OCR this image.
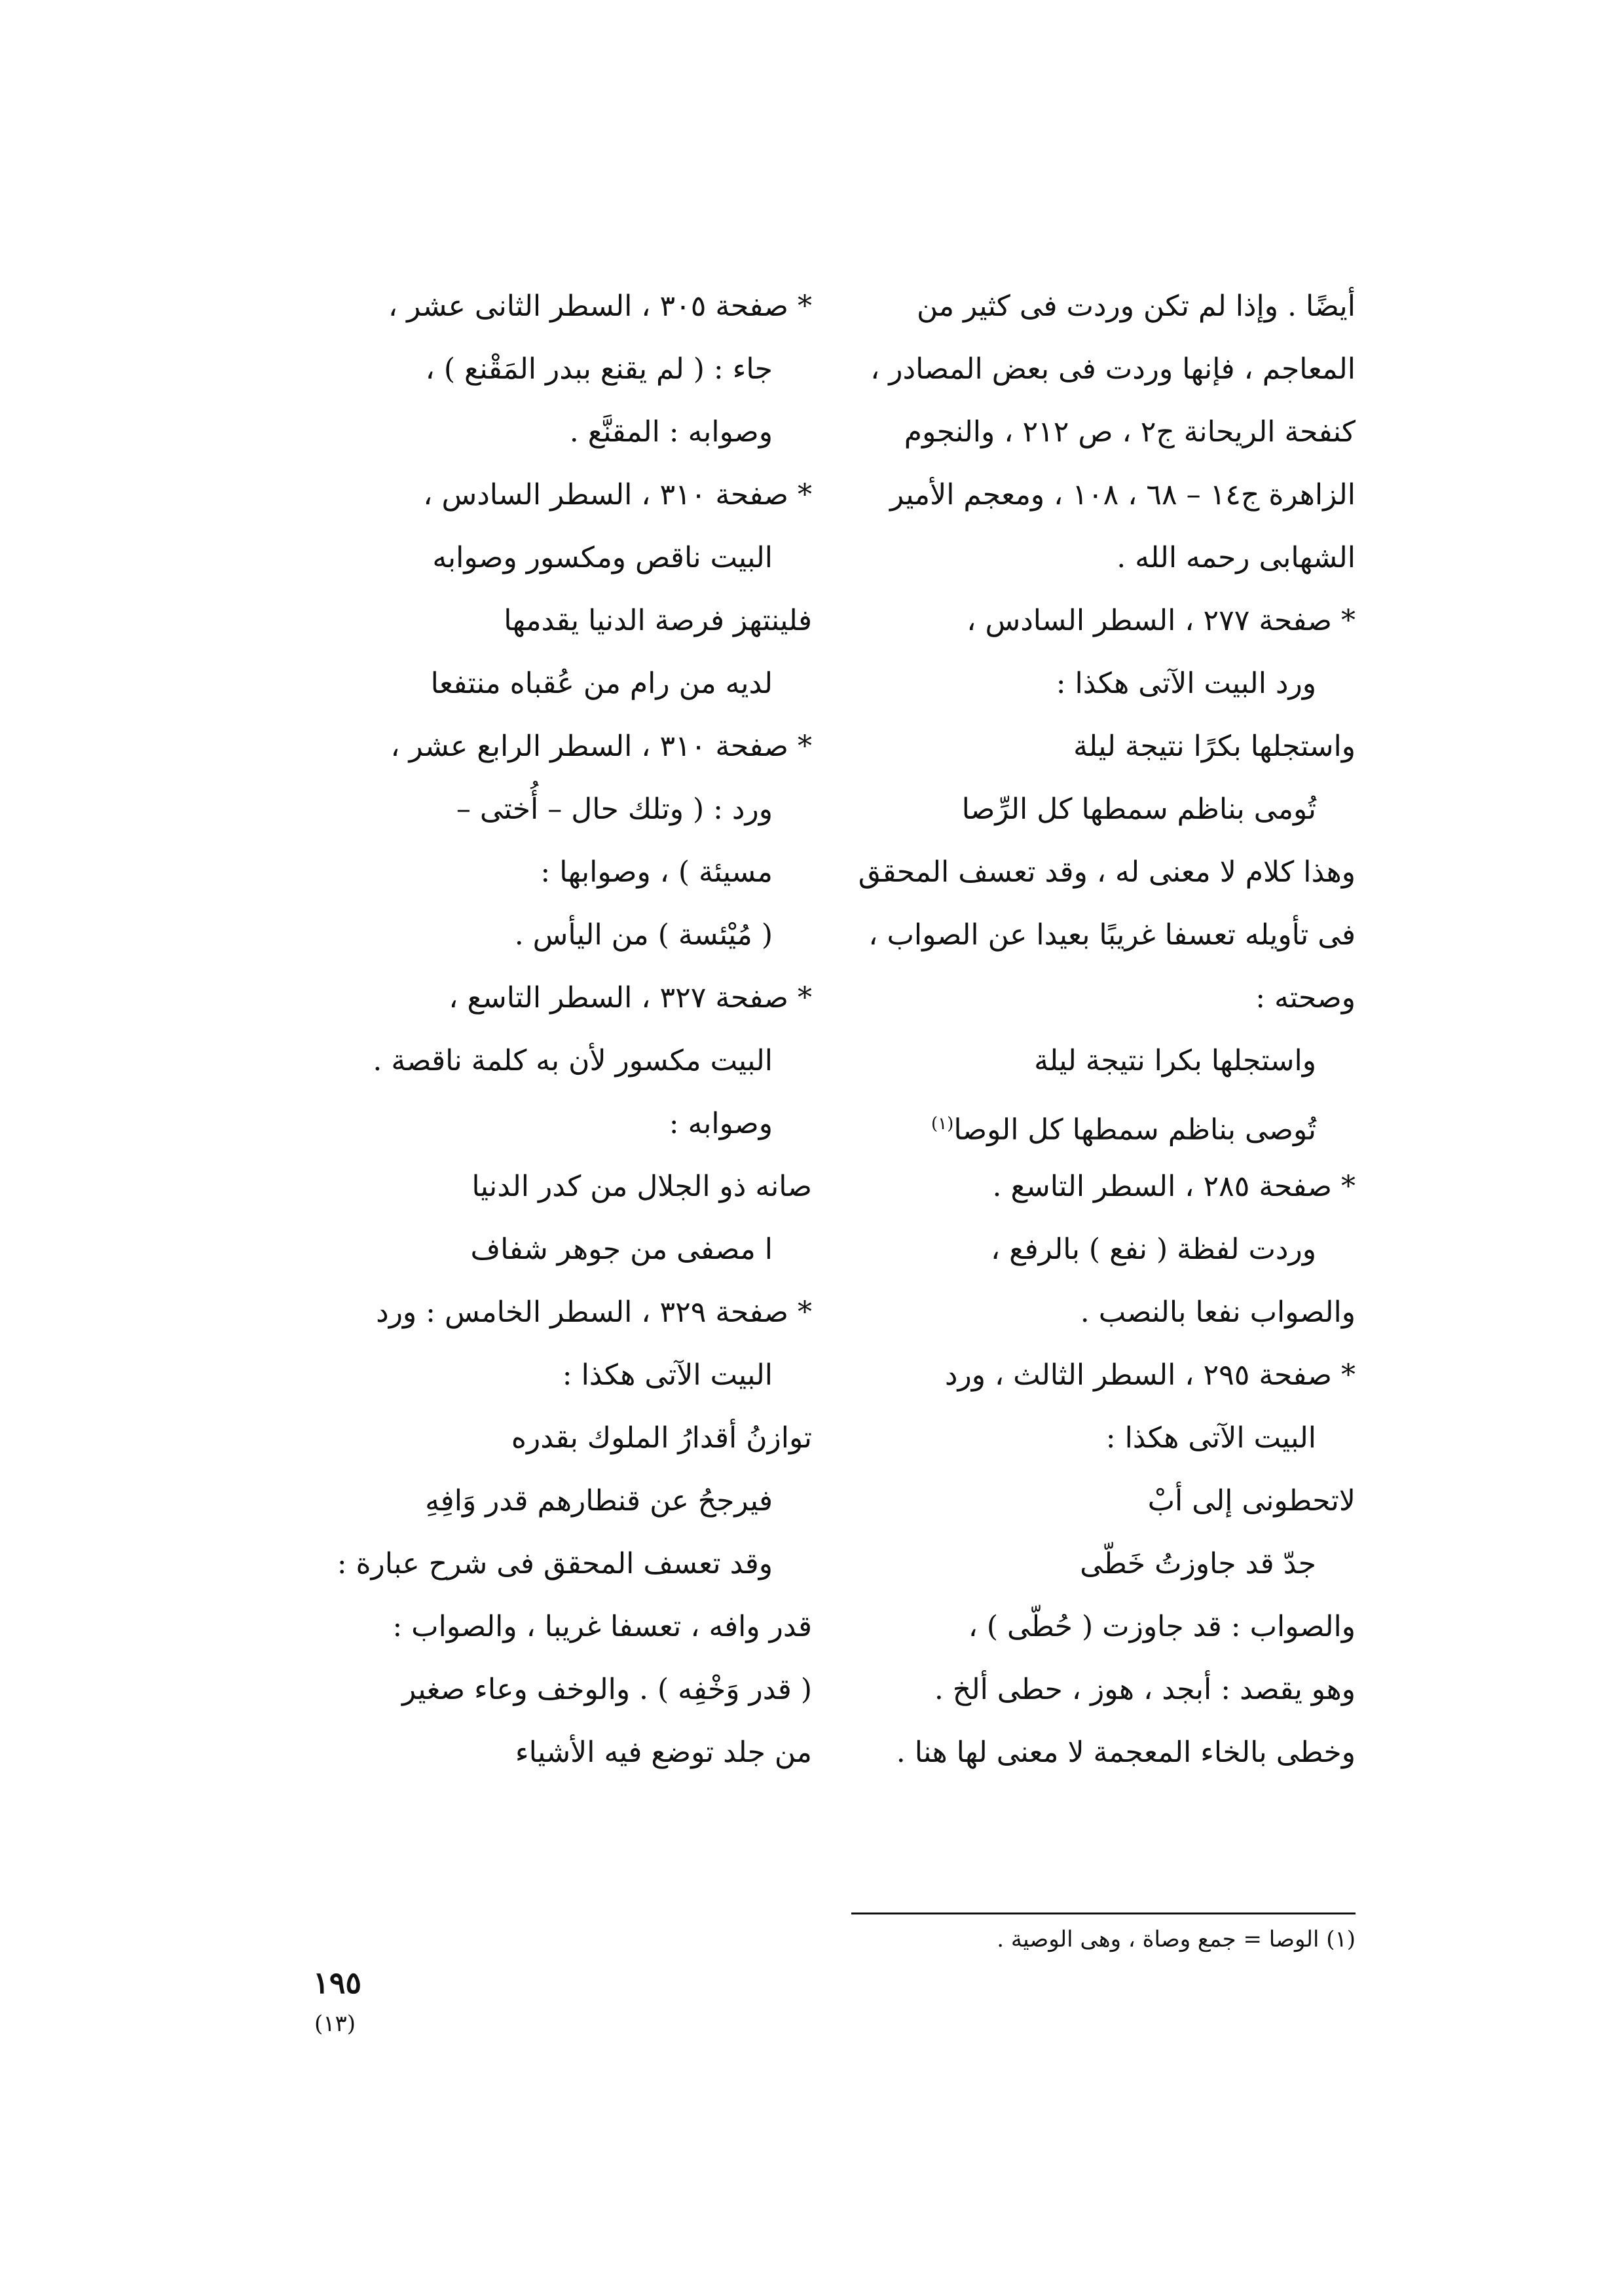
أيضًا . وإذا لم تكن وردت فى كثير من
المعاجم ، فإنها وردت فى بعض المصادر ،
كنفحة الريحانة ج٢ ، ص ٢١٢ ، والنجوم
الزاهرة ج١٤ – ٦٨ ، ١٠٨ ، ومعجم الأمير
الشهابى رحمه الله .
* صفحة ٢٧٧ ، السطر السادس ،
ورد البيت الآتى هكذا :
واستجلها بكرًا نتيجة ليلة
تُومى بناظم سمطها كل الرِّصا
وهذا كلام لا معنى له ، وقد تعسف المحقق
فى تأويله تعسفا غريبًا بعيدا عن الصواب ،
وصحته :
واستجلها بكرا نتيجة ليلة
تُوصى بناظم سمطها كل الوصا$^{(١)}$
* صفحة ٢٨٥ ، السطر التاسع .
وردت لفظة ( نفع ) بالرفع ،
والصواب نفعا بالنصب .
* صفحة ٢٩٥ ، السطر الثالث ، ورد
البيت الآتى هكذا :
لاتحطونى إلى أبْ
جدّ قد جاوزتُ خَطّى
والصواب : قد جاوزت ( حُطّى ) ،
وهو يقصد : أبجد ، هوز ، حطى ألخ .
وخطى بالخاء المعجمة لا معنى لها هنا .
* صفحة ٣٠٥ ، السطر الثانى عشر ،
جاء : ( لم يقنع ببدر المَقْنع ) ،
وصوابه : المقنَّع .
* صفحة ٣١٠ ، السطر السادس ،
البيت ناقص ومكسور وصوابه
فلينتهز فرصة الدنيا يقدمها
لديه من رام من عُقباه منتفعا
* صفحة ٣١٠ ، السطر الرابع عشر ،
ورد : ( وتلك حال – أُختى –
مسيئة ) ، وصوابها :
( مُيْئسة ) من اليأس .
* صفحة ٣٢٧ ، السطر التاسع ،
البيت مكسور لأن به كلمة ناقصة .
وصوابه :
صانه ذو الجلال من كدر الدنيا
ا مصفى من جوهر شفاف
* صفحة ٣٢٩ ، السطر الخامس : ورد
البيت الآتى هكذا :
توازنُ أقدارُ الملوك بقدره
فيرجحُ عن قنطارهم قدر وَافِهِ
وقد تعسف المحقق فى شرح عبارة :
قدر وافه ، تعسفا غريبا ، والصواب :
( قدر وَخْفِه ) . والوخف وعاء صغير
من جلد توضع فيه الأشياء
(١) الوصا = جمع وصاة ، وهى الوصية .
١٩٥
(١٣)
